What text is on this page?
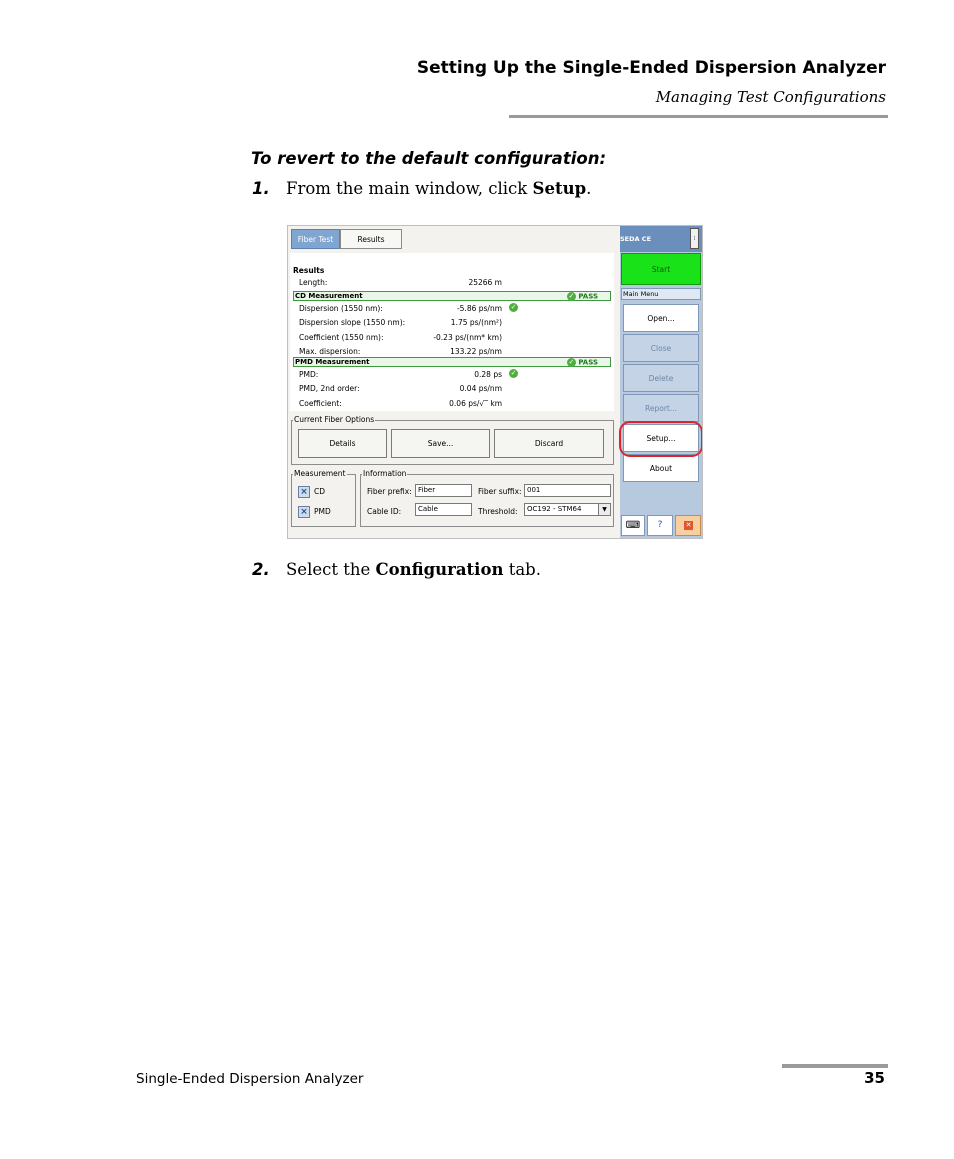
Setting Up the Single-Ended Dispersion Analyzer
Managing Test Configurations
To revert to the default configuration:
1. From the main window, click Setup.
Fiber Test	Results
Results
Length:	25266 m
CD Measurement	✓ PASS
Dispersion (1550 nm):	-5.86 ps/nm ✓
Dispersion slope (1550 nm):	1.75 ps/(nm²)
Coefficient (1550 nm):	-0.23 ps/(nm* km)
Max. dispersion:	133.22 ps/nm
PMD Measurement	✓ PASS
PMD:	0.28 ps ✓
PMD, 2nd order:	0.04 ps/nm
Coefficient:	0.06 ps/√‾ km
Current Fiber Options
Details	Save...	Discard
Measurement
× CD
× PMD
Information
Fiber prefix: Fiber	Fiber suffix: 001
Cable ID:	Cable	Threshold:	OC192 - STM64	▼
SEDA CE	⁝
Start
Main Menu
Open...
Close
Delete
Report...
Setup...
About
⌨	?	✕
2. Select the Configuration tab.
Single-Ended Dispersion Analyzer	35
